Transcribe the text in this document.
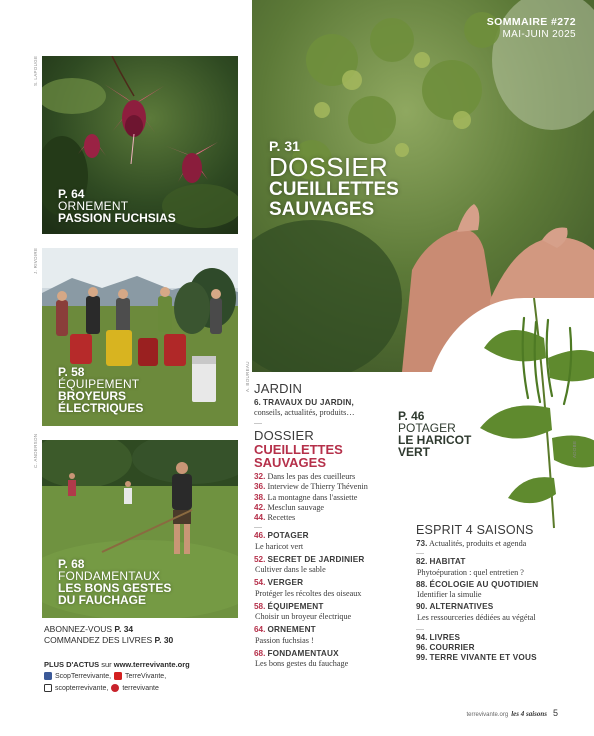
S. LAPOUGE
P. 64
ORNEMENT
PASSION FUCHSIAS
J. RIVOIRE
P. 58
ÉQUIPEMENT
BROYEURS
ÉLECTRIQUES
C. ANDERSON
P. 68
FONDAMENTAUX
LES BONS GESTES
DU FAUCHAGE
A. BOUREAU
SOMMAIRE #272
MAI-JUIN 2025
P. 31
DOSSIER
CUEILLETTES
SAUVAGES
ADOBE
P. 46
POTAGER
LE HARICOT
VERT
ABONNEZ-VOUS P. 34
COMMANDEZ DES LIVRES P. 30
PLUS D'ACTUS sur www.terrevivante.org
ScopTerrevivante, TerreVivante,
scopterrevivante, terrevivante
JARDIN
6. TRAVAUX DU JARDIN,
conseils, actualités, produits…
DOSSIER
CUEILLETTES
SAUVAGES
32. Dans les pas des cueilleurs
36. Interview de Thierry Thévenin
38. La montagne dans l'assiette
42. Mesclun sauvage
44. Recettes
46. POTAGER
Le haricot vert
52. SECRET DE JARDINIER
Cultiver dans le sable
54. VERGER
Protéger les récoltes des oiseaux
58. ÉQUIPEMENT
Choisir un broyeur électrique
64. ORNEMENT
Passion fuchsias !
68. FONDAMENTAUX
Les bons gestes du fauchage
ESPRIT 4 SAISONS
73. Actualités, produits et agenda
82. HABITAT
Phytoépuration : quel entretien ?
88. ÉCOLOGIE AU QUOTIDIEN
Identifier la simulie
90. ALTERNATIVES
Les ressourceries dédiées au végétal
94. LIVRES
96. COURRIER
99. TERRE VIVANTE ET VOUS
terrevivante.org les 4 saisons 5
